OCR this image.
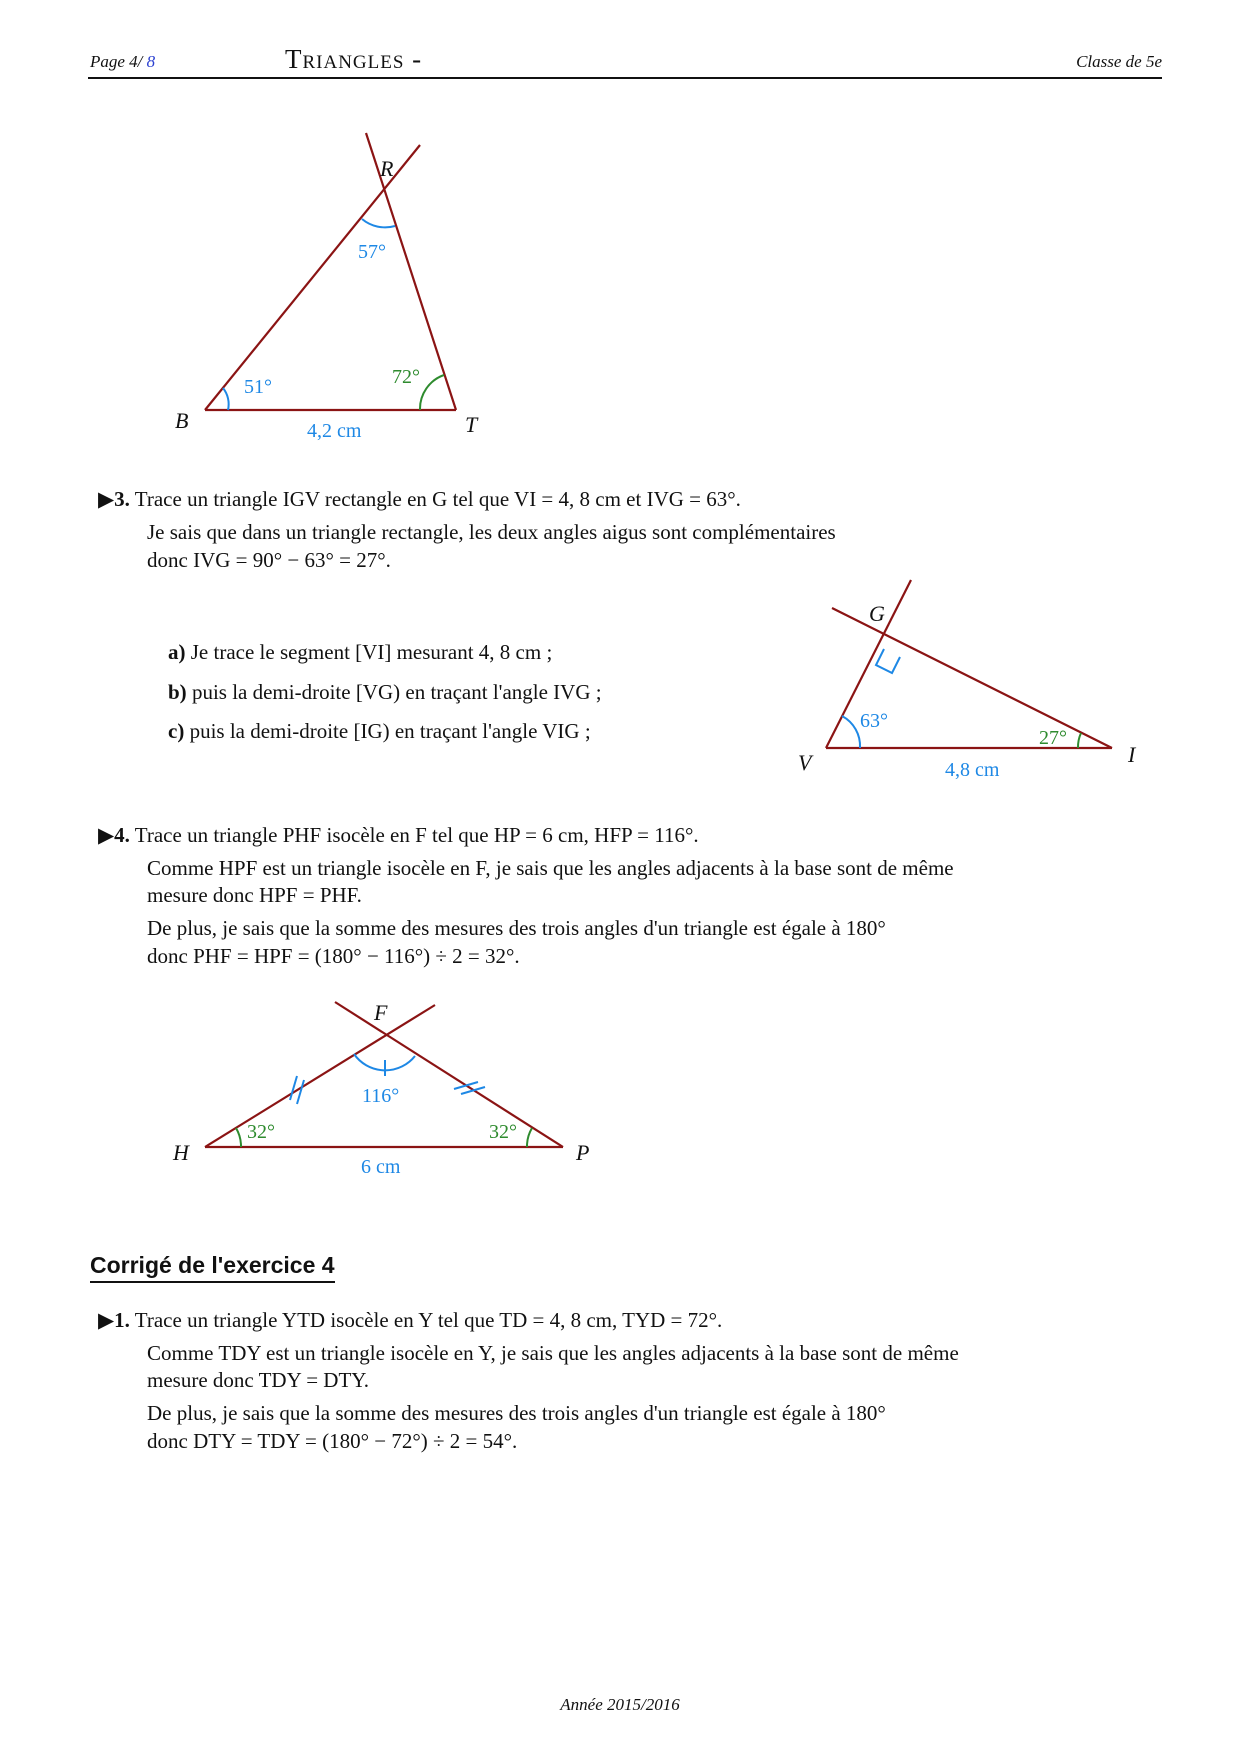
Page 4/ 8	Triangles -	Classe de 5e
R
B	T
57°
51°	72°
4,2 cm
G
V	I
63°
27°
4,8 cm
F
H	P
116°
32°	32°
6 cm
▶3. Trace un triangle IGV rectangle en G tel que VI = 4, 8 cm et IVG = 63°.
Je sais que dans un triangle rectangle, les deux angles aigus sont complémentaires
donc IVG = 90° − 63° = 27°.
a) Je trace le segment [VI] mesurant 4, 8 cm ;
b) puis la demi-droite [VG) en traçant l'angle IVG ;
c) puis la demi-droite [IG) en traçant l'angle VIG ;
▶4. Trace un triangle PHF isocèle en F tel que HP = 6 cm, HFP = 116°.
Comme HPF est un triangle isocèle en F, je sais que les angles adjacents à la base sont de même
mesure donc HPF = PHF.
De plus, je sais que la somme des mesures des trois angles d'un triangle est égale à 180°
donc PHF = HPF = (180° − 116°) ÷ 2 = 32°.
Corrigé de l'exercice 4
▶1. Trace un triangle YTD isocèle en Y tel que TD = 4, 8 cm, TYD = 72°.
Comme TDY est un triangle isocèle en Y, je sais que les angles adjacents à la base sont de même
mesure donc TDY = DTY.
De plus, je sais que la somme des mesures des trois angles d'un triangle est égale à 180°
donc DTY = TDY = (180° − 72°) ÷ 2 = 54°.
Année 2015/2016
